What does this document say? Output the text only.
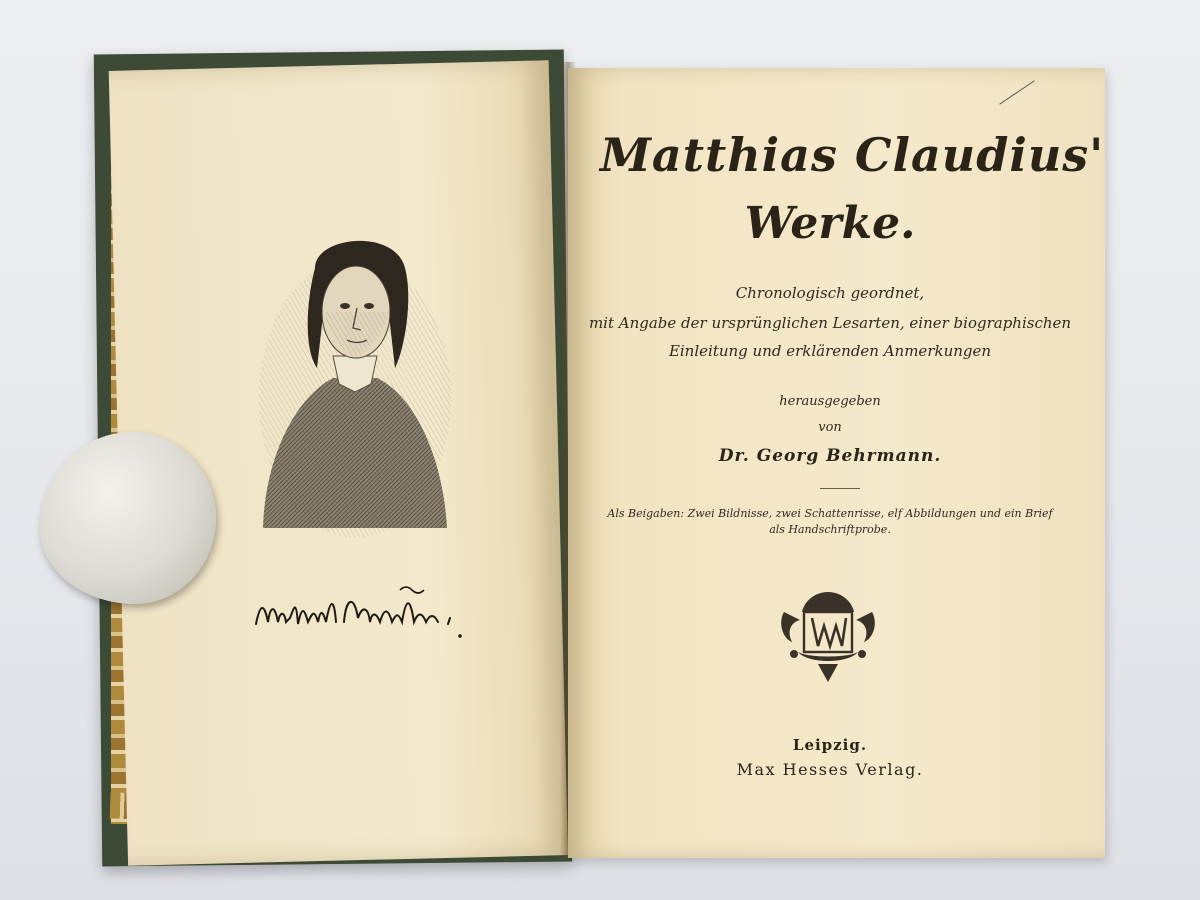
Matthias Claudius'
Werke.
Chronologisch geordnet,
mit Angabe der ursprünglichen Lesarten, einer biographischen
Einleitung und erklärenden Anmerkungen
herausgegeben
von
Dr. Georg Behrmann.
Als Beigaben: Zwei Bildnisse, zwei Schattenrisse, elf Abbildungen und ein Brief
als Handschriftprobe.
Leipzig.
Max Hesses Verlag.
